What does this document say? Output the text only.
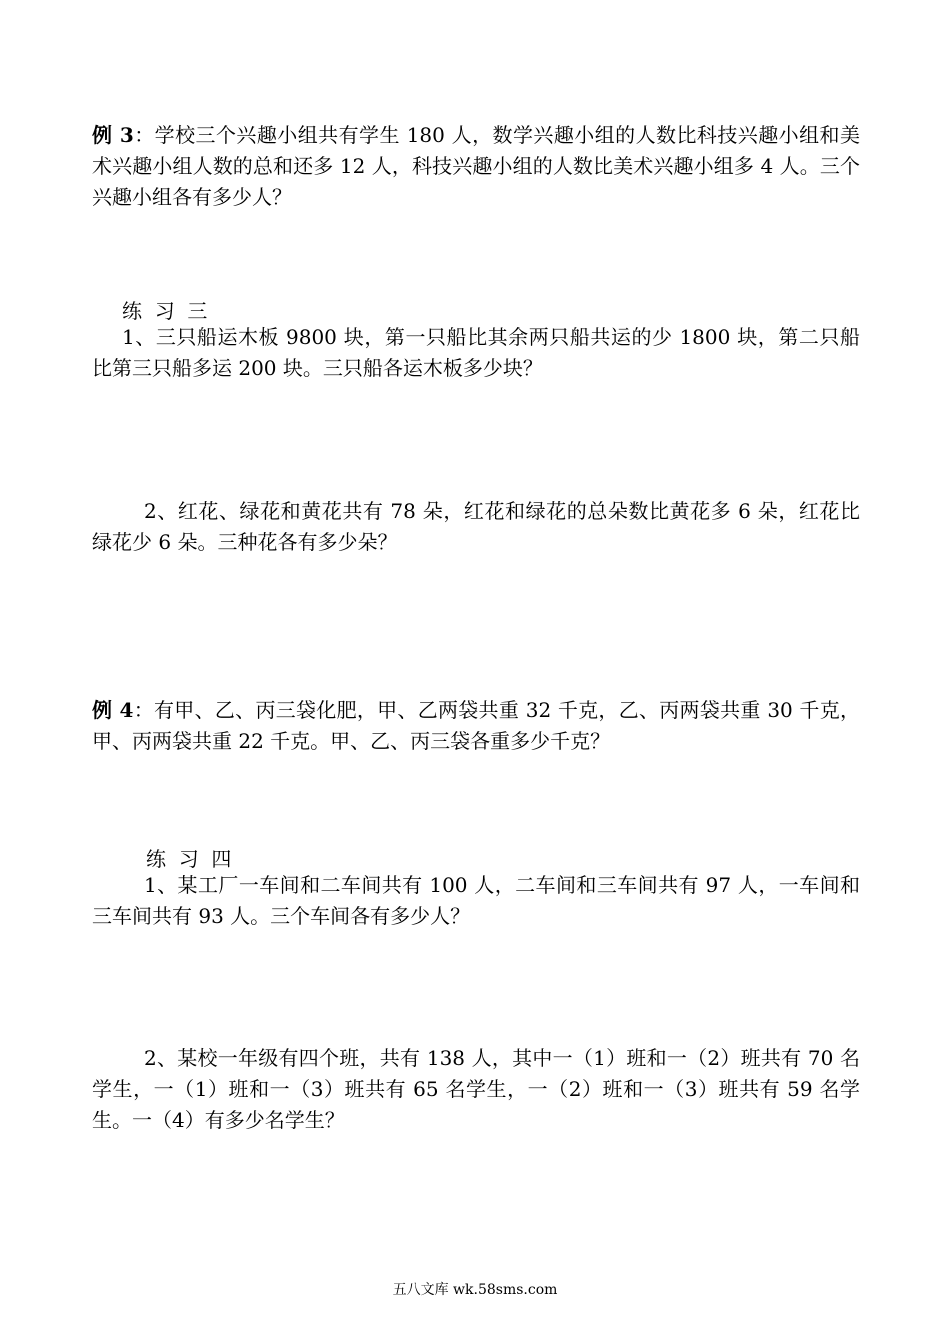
例 3：学校三个兴趣小组共有学生 180 人，数学兴趣小组的人数比科技兴趣小组和美术兴趣小组人数的总和还多 12 人，科技兴趣小组的人数比美术兴趣小组多 4 人。三个兴趣小组各有多少人？
练  习  三
1、三只船运木板 9800 块，第一只船比其余两只船共运的少 1800 块，第二只船比第三只船多运 200 块。三只船各运木板多少块？
2、红花、绿花和黄花共有 78 朵，红花和绿花的总朵数比黄花多 6 朵，红花比绿花少 6 朵。三种花各有多少朵？
例 4：有甲、乙、丙三袋化肥，甲、乙两袋共重 32 千克，乙、丙两袋共重 30 千克，甲、丙两袋共重 22 千克。甲、乙、丙三袋各重多少千克？
练  习  四
1、某工厂一车间和二车间共有 100 人，二车间和三车间共有 97 人，一车间和三车间共有 93 人。三个车间各有多少人？
2、某校一年级有四个班，共有 138 人，其中一（1）班和一（2）班共有 70 名学生，一（1）班和一（3）班共有 65 名学生，一（2）班和一（3）班共有 59 名学生。一（4）有多少名学生？
五八文库 wk.58sms.com
